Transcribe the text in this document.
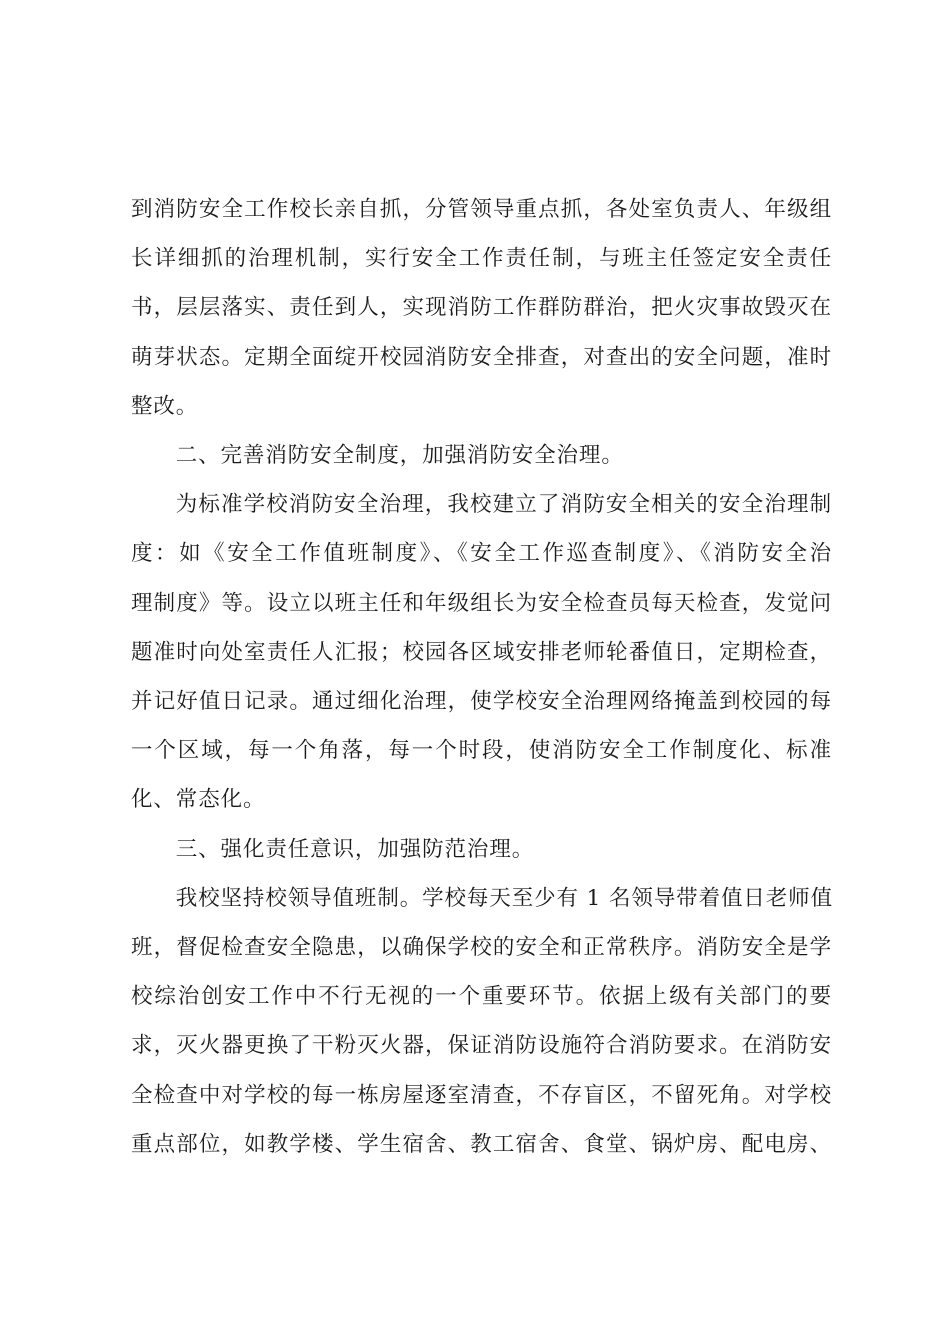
到消防安全工作校长亲自抓，分管领导重点抓，各处室负责人、年级组
长详细抓的治理机制，实行安全工作责任制，与班主任签定安全责任
书，层层落实、责任到人，实现消防工作群防群治，把火灾事故毁灭在
萌芽状态。定期全面绽开校园消防安全排查，对查出的安全问题，准时
整改。

二、完善消防安全制度，加强消防安全治理。

为标准学校消防安全治理，我校建立了消防安全相关的安全治理制
度：如《安全工作值班制度》、《安全工作巡查制度》、《消防安全治
理制度》等。设立以班主任和年级组长为安全检查员每天检查，发觉问
题准时向处室责任人汇报；校园各区域安排老师轮番值日，定期检查，
并记好值日记录。通过细化治理，使学校安全治理网络掩盖到校园的每
一个区域，每一个角落，每一个时段，使消防安全工作制度化、标准
化、常态化。

三、强化责任意识，加强防范治理。

我校坚持校领导值班制。学校每天至少有 1 名领导带着值日老师值
班，督促检查安全隐患，以确保学校的安全和正常秩序。消防安全是学
校综治创安工作中不行无视的一个重要环节。依据上级有关部门的要
求，灭火器更换了干粉灭火器，保证消防设施符合消防要求。在消防安
全检查中对学校的每一栋房屋逐室清查，不存盲区，不留死角。对学校
重点部位，如教学楼、学生宿舍、教工宿舍、食堂、锅炉房、配电房、
